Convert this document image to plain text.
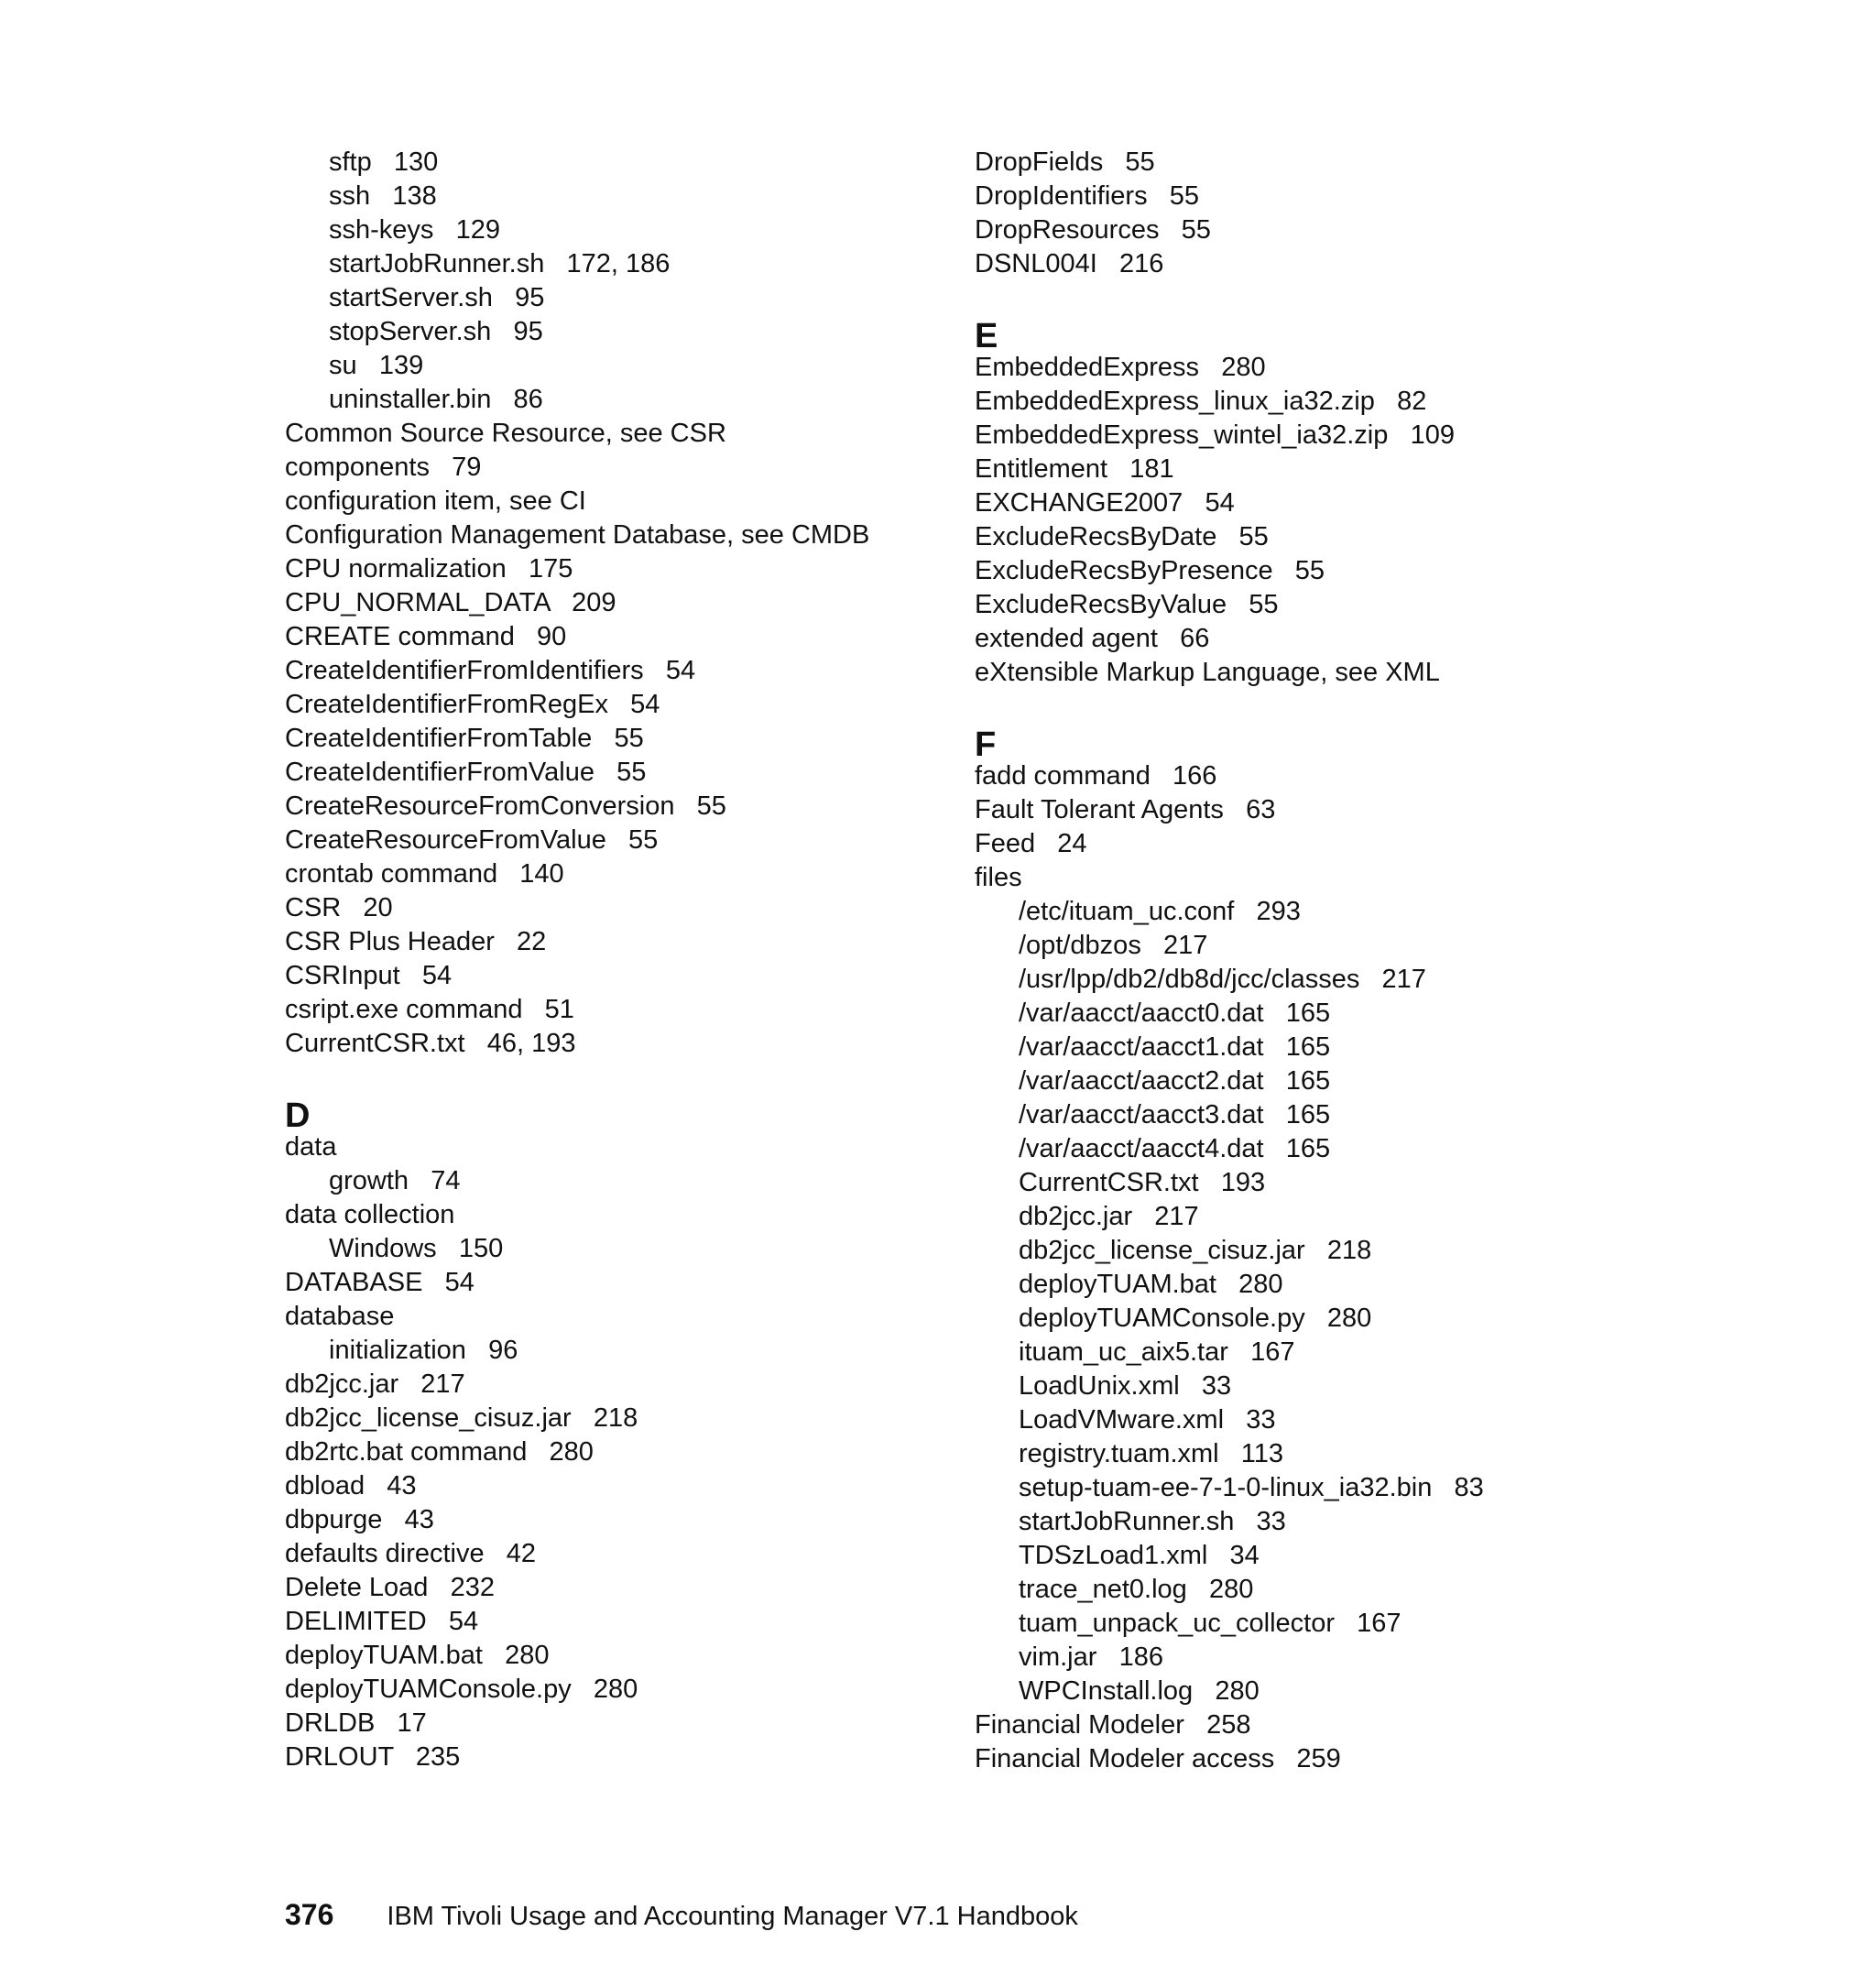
sftp 130
ssh 138
ssh-keys 129
startJobRunner.sh 172, 186
startServer.sh 95
stopServer.sh 95
su 139
uninstaller.bin 86
Common Source Resource, see CSR
components 79
configuration item, see CI
Configuration Management Database, see CMDB
CPU normalization 175
CPU_NORMAL_DATA 209
CREATE command 90
CreateIdentifierFromIdentifiers 54
CreateIdentifierFromRegEx 54
CreateIdentifierFromTable 55
CreateIdentifierFromValue 55
CreateResourceFromConversion 55
CreateResourceFromValue 55
crontab command 140
CSR 20
CSR Plus Header 22
CSRInput 54
csript.exe command 51
CurrentCSR.txt 46, 193
D
data
growth 74
data collection
Windows 150
DATABASE 54
database
initialization 96
db2jcc.jar 217
db2jcc_license_cisuz.jar 218
db2rtc.bat command 280
dbload 43
dbpurge 43
defaults directive 42
Delete Load 232
DELIMITED 54
deployTUAM.bat 280
deployTUAMConsole.py 280
DRLDB 17
DRLOUT 235
DropFields 55
DropIdentifiers 55
DropResources 55
DSNL004I 216
E
EmbeddedExpress 280
EmbeddedExpress_linux_ia32.zip 82
EmbeddedExpress_wintel_ia32.zip 109
Entitlement 181
EXCHANGE2007 54
ExcludeRecsByDate 55
ExcludeRecsByPresence 55
ExcludeRecsByValue 55
extended agent 66
eXtensible Markup Language, see XML
F
fadd command 166
Fault Tolerant Agents 63
Feed 24
files
/etc/ituam_uc.conf 293
/opt/dbzos 217
/usr/lpp/db2/db8d/jcc/classes 217
/var/aacct/aacct0.dat 165
/var/aacct/aacct1.dat 165
/var/aacct/aacct2.dat 165
/var/aacct/aacct3.dat 165
/var/aacct/aacct4.dat 165
CurrentCSR.txt 193
db2jcc.jar 217
db2jcc_license_cisuz.jar 218
deployTUAM.bat 280
deployTUAMConsole.py 280
ituam_uc_aix5.tar 167
LoadUnix.xml 33
LoadVMware.xml 33
registry.tuam.xml 113
setup-tuam-ee-7-1-0-linux_ia32.bin 83
startJobRunner.sh 33
TDSzLoad1.xml 34
trace_net0.log 280
tuam_unpack_uc_collector 167
vim.jar 186
WPCInstall.log 280
Financial Modeler 258
Financial Modeler access 259
376 IBM Tivoli Usage and Accounting Manager V7.1 Handbook
